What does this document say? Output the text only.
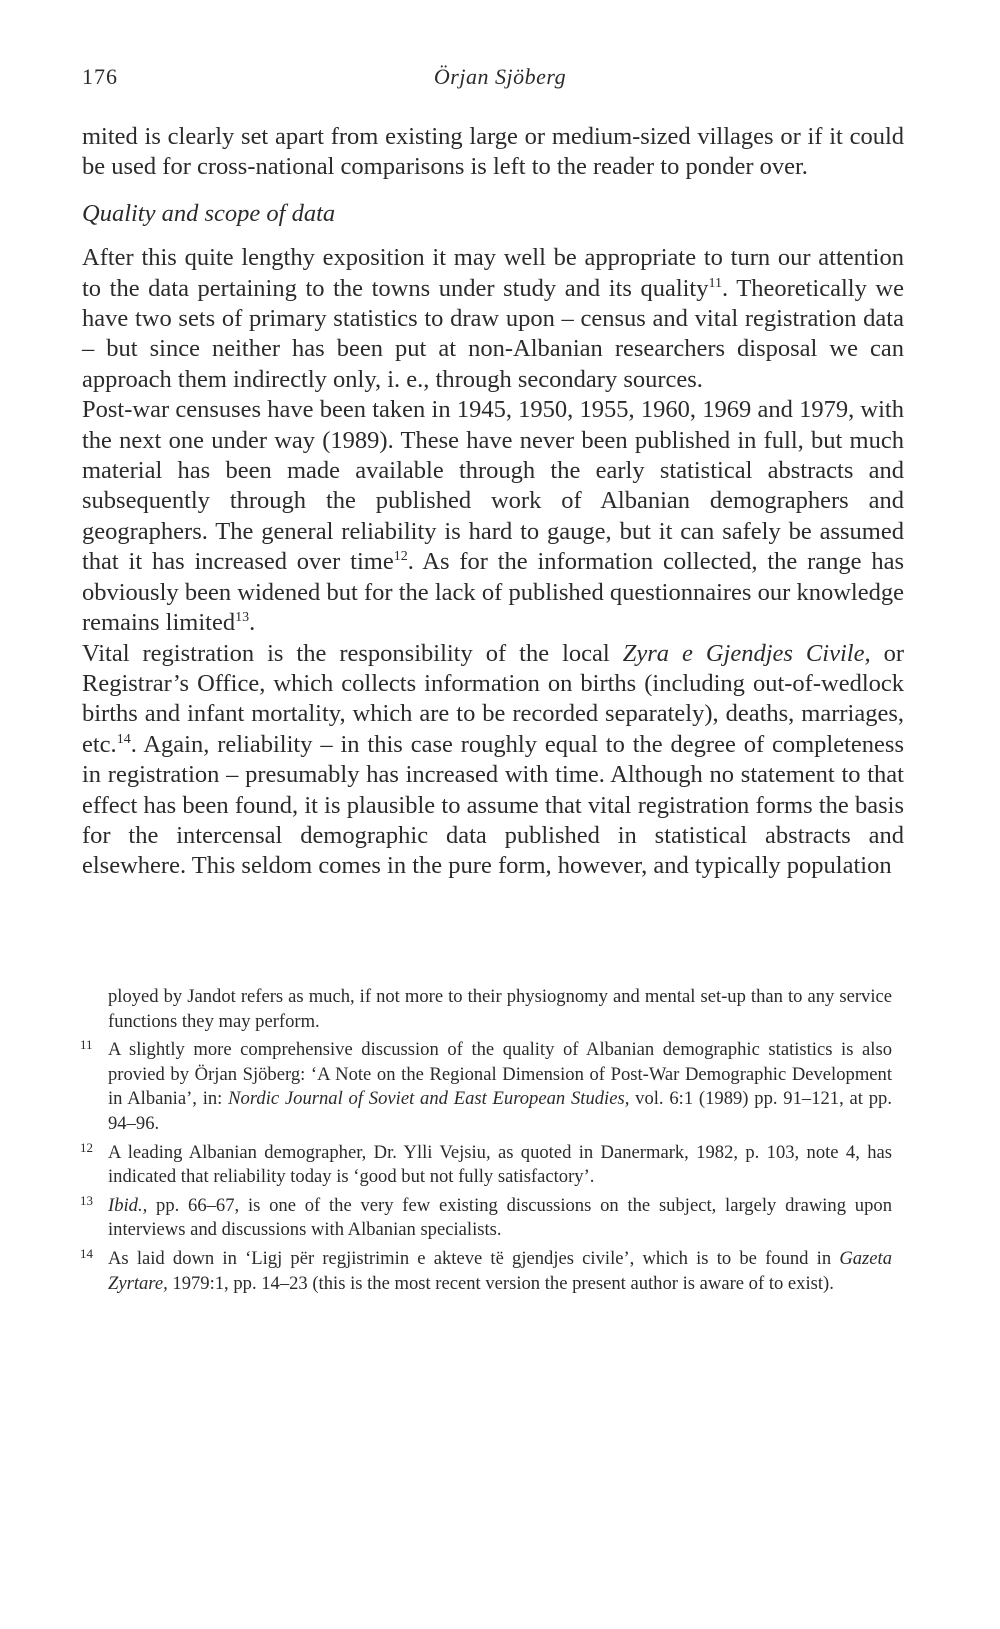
176	Örjan Sjöberg

mited is clearly set apart from existing large or medium-sized villages or if it could be used for cross-national comparisons is left to the reader to ponder over.

Quality and scope of data

After this quite lengthy exposition it may well be appropriate to turn our attention to the data pertaining to the towns under study and its quality$^{11}$. Theoretically we have two sets of primary statistics to draw upon – census and vital registration data – but since neither has been put at non-Albanian researchers disposal we can approach them indirectly only, i. e., through secondary sources.

Post-war censuses have been taken in 1945, 1950, 1955, 1960, 1969 and 1979, with the next one under way (1989). These have never been published in full, but much material has been made available through the early statistical abstracts and subsequently through the published work of Albanian demographers and geographers. The general reliability is hard to gauge, but it can safely be assumed that it has increased over time$^{12}$. As for the information collected, the range has obviously been widened but for the lack of published questionnaires our knowledge remains limited$^{13}$.

Vital registration is the responsibility of the local Zyra e Gjendjes Civile, or Registrar’s Office, which collects information on births (including out-of-wedlock births and infant mortality, which are to be recorded separately), deaths, marriages, etc.$^{14}$. Again, reliability – in this case roughly equal to the degree of completeness in registration – presumably has increased with time. Although no statement to that effect has been found, it is plausible to assume that vital registration forms the basis for the intercensal demographic data published in statistical abstracts and elsewhere. This seldom comes in the pure form, however, and typically population

ployed by Jandot refers as much, if not more to their physiognomy and mental set-up than to any service functions they may perform.

11 A slightly more comprehensive discussion of the quality of Albanian demographic statistics is also provied by Örjan Sjöberg: ‘A Note on the Regional Dimension of Post-War Demographic Development in Albania’, in: Nordic Journal of Soviet and East European Studies, vol. 6:1 (1989) pp. 91–121, at pp. 94–96.

12 A leading Albanian demographer, Dr. Ylli Vejsiu, as quoted in Danermark, 1982, p. 103, note 4, has indicated that reliability today is ‘good but not fully satisfactory’.

13 Ibid., pp. 66–67, is one of the very few existing discussions on the subject, largely drawing upon interviews and discussions with Albanian specialists.

14 As laid down in ‘Ligj për regjistrimin e akteve të gjendjes civile’, which is to be found in Gazeta Zyrtare, 1979:1, pp. 14–23 (this is the most recent version the present author is aware of to exist).
